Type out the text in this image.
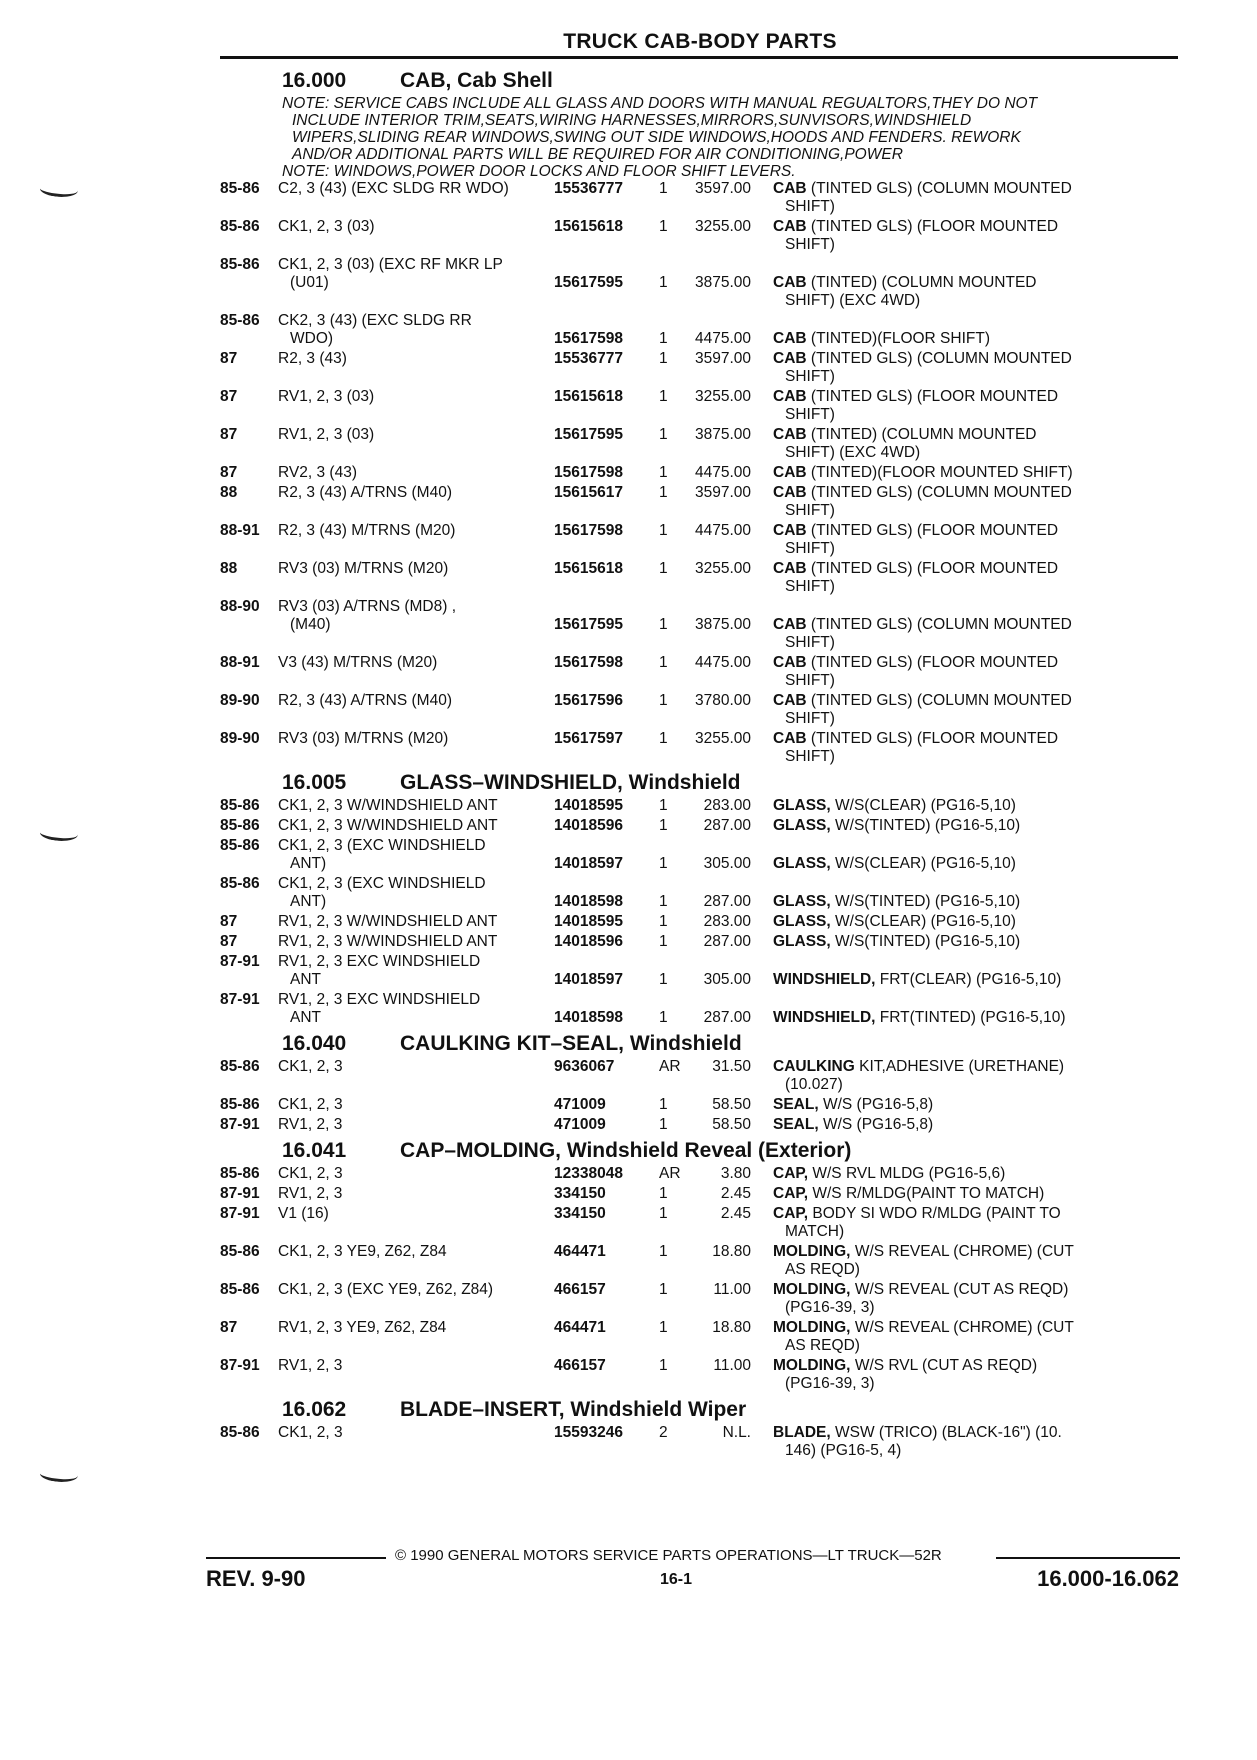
TRUCK CAB-BODY PARTS
16.000	CAB, Cab Shell
NOTE: SERVICE CABS INCLUDE ALL GLASS AND DOORS WITH MANUAL REGUALTORS,THEY DO NOT
INCLUDE INTERIOR TRIM,SEATS,WIRING HARNESSES,MIRRORS,SUNVISORS,WINDSHIELD
WIPERS,SLIDING REAR WINDOWS,SWING OUT SIDE WINDOWS,HOODS AND FENDERS. REWORK
AND/OR ADDITIONAL PARTS WILL BE REQUIRED FOR AIR CONDITIONING,POWER
NOTE: WINDOWS,POWER DOOR LOCKS AND FLOOR SHIFT LEVERS.
85-86	C2, 3 (43) (EXC SLDG RR WDO)	15536777	1	3597.00	CAB (TINTED GLS) (COLUMN MOUNTED
SHIFT)
85-86	CK1, 2, 3 (03)	15615618	1	3255.00	CAB (TINTED GLS) (FLOOR MOUNTED
SHIFT)
85-86	CK1, 2, 3 (03) (EXC RF MKR LP
(U01)	15617595	1	3875.00	CAB (TINTED) (COLUMN MOUNTED
SHIFT) (EXC 4WD)
85-86	CK2, 3 (43) (EXC SLDG RR
WDO)	15617598	1	4475.00	CAB (TINTED)(FLOOR SHIFT)
87	R2, 3 (43)	15536777	1	3597.00	CAB (TINTED GLS) (COLUMN MOUNTED
SHIFT)
87	RV1, 2, 3 (03)	15615618	1	3255.00	CAB (TINTED GLS) (FLOOR MOUNTED
SHIFT)
87	RV1, 2, 3 (03)	15617595	1	3875.00	CAB (TINTED) (COLUMN MOUNTED
SHIFT) (EXC 4WD)
87	RV2, 3 (43)	15617598	1	4475.00	CAB (TINTED)(FLOOR MOUNTED SHIFT)
88	R2, 3 (43) A/TRNS (M40)	15615617	1	3597.00	CAB (TINTED GLS) (COLUMN MOUNTED
SHIFT)
88-91	R2, 3 (43) M/TRNS (M20)	15617598	1	4475.00	CAB (TINTED GLS) (FLOOR MOUNTED
SHIFT)
88	RV3 (03) M/TRNS (M20)	15615618	1	3255.00	CAB (TINTED GLS) (FLOOR MOUNTED
SHIFT)
88-90	RV3 (03) A/TRNS (MD8) ,
(M40)	15617595	1	3875.00	CAB (TINTED GLS) (COLUMN MOUNTED
SHIFT)
88-91	V3 (43) M/TRNS (M20)	15617598	1	4475.00	CAB (TINTED GLS) (FLOOR MOUNTED
SHIFT)
89-90	R2, 3 (43) A/TRNS (M40)	15617596	1	3780.00	CAB (TINTED GLS) (COLUMN MOUNTED
SHIFT)
89-90	RV3 (03) M/TRNS (M20)	15617597	1	3255.00	CAB (TINTED GLS) (FLOOR MOUNTED
SHIFT)
16.005	GLASS–WINDSHIELD, Windshield
85-86	CK1, 2, 3 W/WINDSHIELD ANT	14018595	1	283.00	GLASS, W/S(CLEAR) (PG16-5,10)
85-86	CK1, 2, 3 W/WINDSHIELD ANT	14018596	1	287.00	GLASS, W/S(TINTED) (PG16-5,10)
85-86	CK1, 2, 3 (EXC WINDSHIELD
ANT)	14018597	1	305.00	GLASS, W/S(CLEAR) (PG16-5,10)
85-86	CK1, 2, 3 (EXC WINDSHIELD
ANT)	14018598	1	287.00	GLASS, W/S(TINTED) (PG16-5,10)
87	RV1, 2, 3 W/WINDSHIELD ANT	14018595	1	283.00	GLASS, W/S(CLEAR) (PG16-5,10)
87	RV1, 2, 3 W/WINDSHIELD ANT	14018596	1	287.00	GLASS, W/S(TINTED) (PG16-5,10)
87-91	RV1, 2, 3 EXC WINDSHIELD
ANT	14018597	1	305.00	WINDSHIELD, FRT(CLEAR) (PG16-5,10)
87-91	RV1, 2, 3 EXC WINDSHIELD
ANT	14018598	1	287.00	WINDSHIELD, FRT(TINTED) (PG16-5,10)
16.040	CAULKING KIT–SEAL, Windshield
85-86	CK1, 2, 3	9636067	AR	31.50	CAULKING KIT,ADHESIVE (URETHANE)
(10.027)
85-86	CK1, 2, 3	471009	1	58.50	SEAL, W/S (PG16-5,8)
87-91	RV1, 2, 3	471009	1	58.50	SEAL, W/S (PG16-5,8)
16.041	CAP–MOLDING, Windshield Reveal (Exterior)
85-86	CK1, 2, 3	12338048	AR	3.80	CAP, W/S RVL MLDG (PG16-5,6)
87-91	RV1, 2, 3	334150	1	2.45	CAP, W/S R/MLDG(PAINT TO MATCH)
87-91	V1 (16)	334150	1	2.45	CAP, BODY SI WDO R/MLDG (PAINT TO
MATCH)
85-86	CK1, 2, 3 YE9, Z62, Z84	464471	1	18.80	MOLDING, W/S REVEAL (CHROME) (CUT
AS REQD)
85-86	CK1, 2, 3 (EXC YE9, Z62, Z84)	466157	1	11.00	MOLDING, W/S REVEAL (CUT AS REQD)
(PG16-39, 3)
87	RV1, 2, 3 YE9, Z62, Z84	464471	1	18.80	MOLDING, W/S REVEAL (CHROME) (CUT
AS REQD)
87-91	RV1, 2, 3	466157	1	11.00	MOLDING, W/S RVL (CUT AS REQD)
(PG16-39, 3)
16.062	BLADE–INSERT, Windshield Wiper
85-86	CK1, 2, 3	15593246	2	N.L.	BLADE, WSW (TRICO) (BLACK-16") (10.
146) (PG16-5, 4)
© 1990 GENERAL MOTORS SERVICE PARTS OPERATIONS—LT TRUCK—52R
REV. 9-90	16-1	16.000-16.062
